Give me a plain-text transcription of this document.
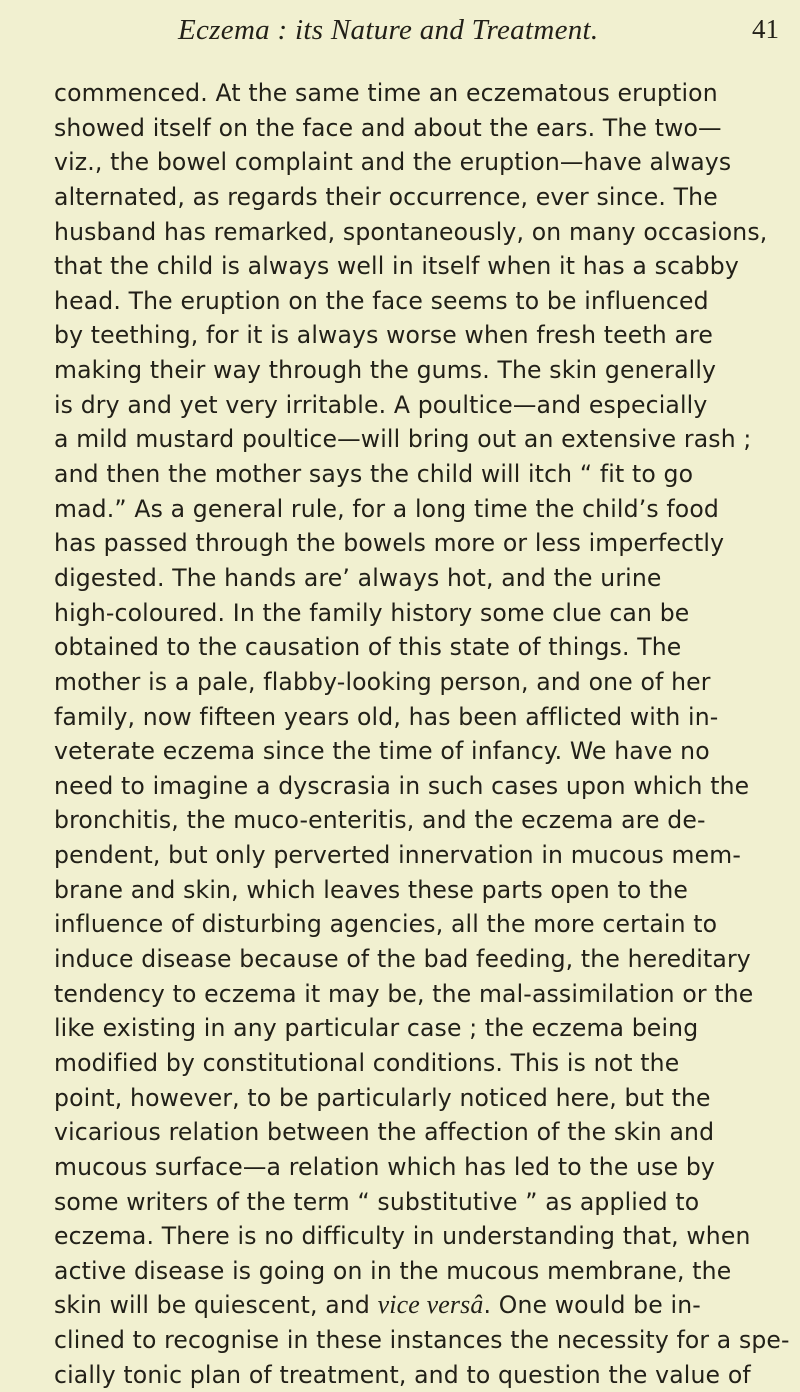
Eczema : its Nature and Treatment.	41
commenced. At the same time an eczematous eruption
showed itself on the face and about the ears. The two—
viz., the bowel complaint and the eruption—have always
alternated, as regards their occurrence, ever since. The
husband has remarked, spontaneously, on many occasions,
that the child is always well in itself when it has a scabby
head. The eruption on the face seems to be influenced
by teething, for it is always worse when fresh teeth are
making their way through the gums. The skin generally
is dry and yet very irritable. A poultice—and especially
a mild mustard poultice—will bring out an extensive rash ;
and then the mother says the child will itch “ fit to go
mad.” As a general rule, for a long time the child’s food
has passed through the bowels more or less imperfectly
digested. The hands are’ always hot, and the urine
high-coloured. In the family history some clue can be
obtained to the causation of this state of things. The
mother is a pale, flabby-looking person, and one of her
family, now fifteen years old, has been afflicted with in-
veterate eczema since the time of infancy. We have no
need to imagine a dyscrasia in such cases upon which the
bronchitis, the muco-enteritis, and the eczema are de-
pendent, but only perverted innervation in mucous mem-
brane and skin, which leaves these parts open to the
influence of disturbing agencies, all the more certain to
induce disease because of the bad feeding, the hereditary
tendency to eczema it may be, the mal-assimilation or the
like existing in any particular case ; the eczema being
modified by constitutional conditions. This is not the
point, however, to be particularly noticed here, but the
vicarious relation between the affection of the skin and
mucous surface—a relation which has led to the use by
some writers of the term “ substitutive ” as applied to
eczema. There is no difficulty in understanding that, when
active disease is going on in the mucous membrane, the
skin will be quiescent, and vice versâ. One would be in-
clined to recognise in these instances the necessity for a spe-
cially tonic plan of treatment, and to question the value of
